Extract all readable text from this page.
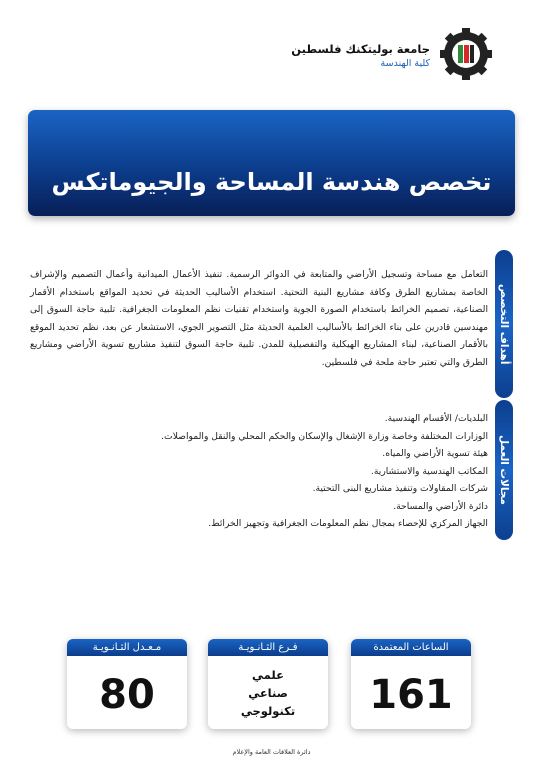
جامعة بوليتكنك فلسطين
كلية الهندسة
تخصص هندسة المساحة والجيوماتكس
أهداف التخصص
مجالات العمل
التعامل مع مساحة وتسجيل الأراضي والمتابعة في الدوائر الرسمية. تنفيذ الأعمال الميدانية وأعمال التصميم والإشراف الخاصة بمشاريع الطرق وكافة مشاريع البنية التحتية. استخدام الأساليب الحديثة في تحديد المواقع باستخدام الأقمار الصناعية، تصميم الخرائط باستخدام الصورة الجوية واستخدام تقنيات نظم المعلومات الجغرافية. تلبية حاجة السوق إلى مهندسين قادرين على بناء الخرائط بالأساليب العلمية الحديثة مثل التصوير الجوي، الاستشعار عن بعد، نظم تحديد الموقع بالأقمار الصناعية، لبناء المشاريع الهيكلية والتفصيلية للمدن. تلبية حاجة السوق لتنفيذ مشاريع تسوية الأراضي ومشاريع الطرق والتي تعتبر حاجة ملحة في فلسطين.
البلديات/ الأقسام الهندسية.
الوزارات المختلفة وخاصة وزارة الإشغال والإسكان والحكم المحلي والنقل والمواصلات.
هيئة تسوية الأراضي والمياه.
المكاتب الهندسية والاستشارية.
شركات المقاولات وتنفيذ مشاريع البنى التحتية.
دائرة الأراضي والمساحة.
الجهاز المركزي للإحصاء بمجال نظم المعلومات الجغرافية وتجهيز الخرائط.
الساعات المعتمدة
161
فـرع الثـانـويـة
علمي
صناعي
تكنولوجي
مـعـدل الثـانـويـة
80
دائرة العلاقات العامة والإعلام
